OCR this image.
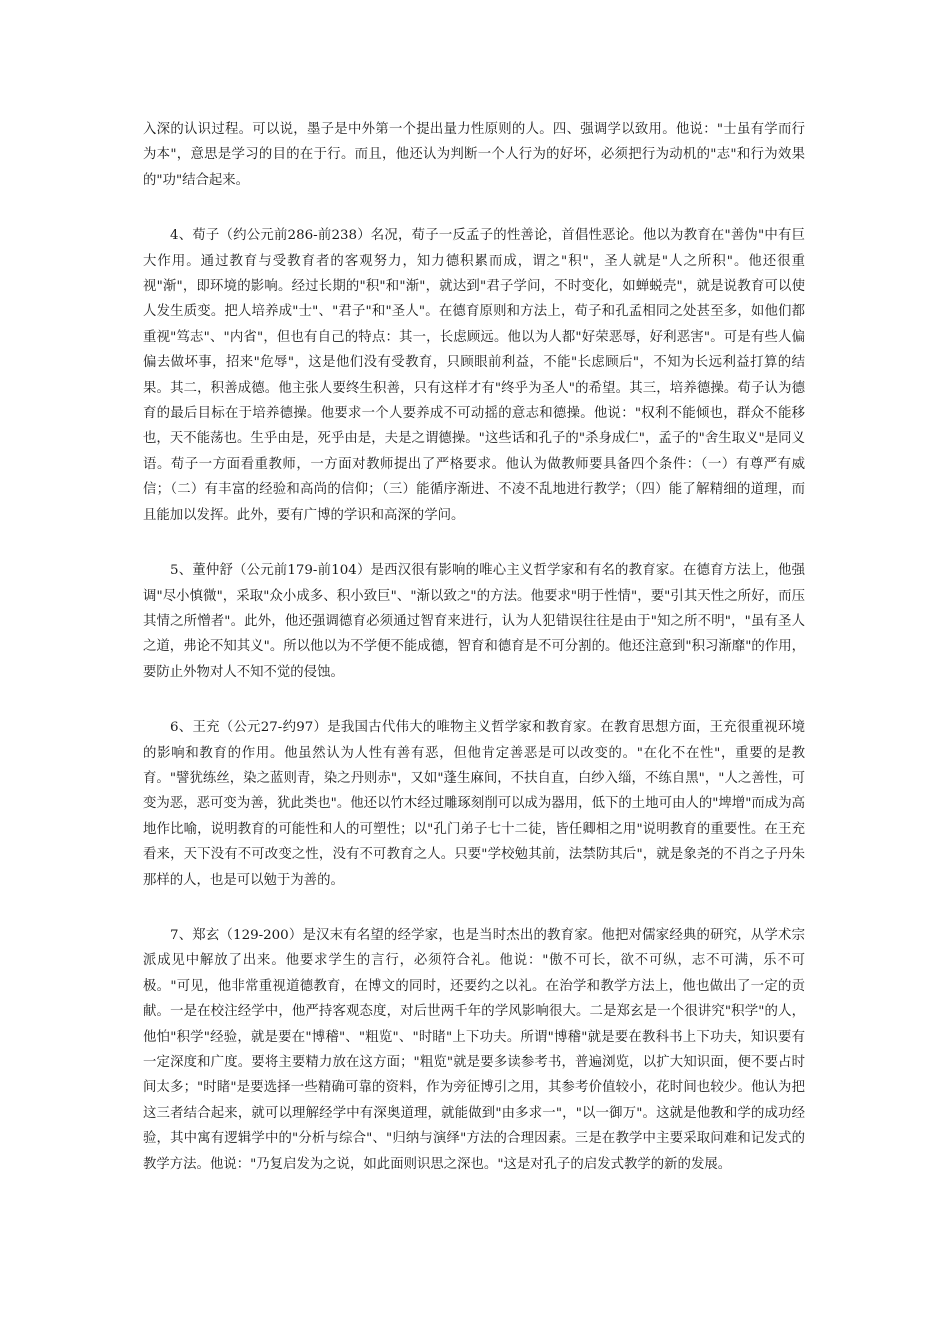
入深的认识过程。可以说，墨子是中外第一个提出量力性原则的人。四、强调学以致用。他说："士虽有学而行为本"，意思是学习的目的在于行。而且，他还认为判断一个人行为的好坏，必须把行为动机的"志"和行为效果的"功"结合起来。

4、荀子（约公元前286-前238）名况，荀子一反孟子的性善论，首倡性恶论。他以为教育在"善伪"中有巨大作用。通过教育与受教育者的客观努力，知力德积累而成，谓之"积"，圣人就是"人之所积"。他还很重视"渐"，即环境的影响。经过长期的"积"和"渐"，就达到"君子学问，不时变化，如蝉蜕壳"，就是说教育可以使人发生质变。把人培养成"士"、"君子"和"圣人"。在德育原则和方法上，荀子和孔孟相同之处甚至多，如他们都重视"笃志"、"内省"，但也有自己的特点：其一，长虑顾远。他以为人都"好荣恶辱，好利恶害"。可是有些人偏偏去做坏事，招来"危辱"，这是他们没有受教育，只顾眼前利益，不能"长虑顾后"，不知为长远利益打算的结果。其二，积善成德。他主张人要终生积善，只有这样才有"终乎为圣人"的希望。其三，培养德操。荀子认为德育的最后目标在于培养德操。他要求一个人要养成不可动摇的意志和德操。他说："权利不能倾也，群众不能移也，天不能荡也。生乎由是，死乎由是，夫是之谓德操。"这些话和孔子的"杀身成仁"，孟子的"舍生取义"是同义语。荀子一方面看重教师，一方面对教师提出了严格要求。他认为做教师要具备四个条件：（一）有尊严有威信；（二）有丰富的经验和高尚的信仰；（三）能循序渐进、不凌不乱地进行教学；（四）能了解精细的道理，而且能加以发挥。此外，要有广博的学识和高深的学问。

5、董仲舒（公元前179-前104）是西汉很有影响的唯心主义哲学家和有名的教育家。在德育方法上，他强调"尽小慎微"，采取"众小成多、积小致巨"、"渐以致之"的方法。他要求"明于性情"，要"引其天性之所好，而压其情之所憎者"。此外，他还强调德育必须通过智育来进行，认为人犯错误往往是由于"知之所不明"，"虽有圣人之道，弗论不知其义"。所以他以为不学便不能成德，智育和德育是不可分割的。他还注意到"积习渐靡"的作用，要防止外物对人不知不觉的侵蚀。

6、王充（公元27-约97）是我国古代伟大的唯物主义哲学家和教育家。在教育思想方面，王充很重视环境的影响和教育的作用。他虽然认为人性有善有恶，但他肯定善恶是可以改变的。"在化不在性"，重要的是教育。"譬犹练丝，染之蓝则青，染之丹则赤"，又如"蓬生麻间，不扶自直，白纱入缁，不练自黑"，"人之善性，可变为恶，恶可变为善，犹此类也"。他还以竹木经过雕琢刻削可以成为器用，低下的土地可由人的"埤增"而成为高地作比喻，说明教育的可能性和人的可塑性；以"孔门弟子七十二徒，皆任卿相之用"说明教育的重要性。在王充看来，天下没有不可改变之性，没有不可教育之人。只要"学校勉其前，法禁防其后"，就是象尧的不肖之子丹朱那样的人，也是可以勉于为善的。

7、郑玄（129-200）是汉末有名望的经学家，也是当时杰出的教育家。他把对儒家经典的研究，从学术宗派成见中解放了出来。他要求学生的言行，必须符合礼。他说："傲不可长，欲不可纵，志不可满，乐不可极。"可见，他非常重视道德教育，在博文的同时，还要约之以礼。在治学和教学方法上，他也做出了一定的贡献。一是在校注经学中，他严持客观态度，对后世两千年的学风影响很大。二是郑玄是一个很讲究"积学"的人，他怕"积学"经验，就是要在"博稽"、"粗览"、"时睹"上下功夫。所谓"博稽"就是要在教科书上下功夫，知识要有一定深度和广度。要将主要精力放在这方面；"粗览"就是要多读参考书，普遍浏览，以扩大知识面，便不要占时间太多；"时睹"是要选择一些精确可靠的资料，作为旁征博引之用，其参考价值较小，花时间也较少。他认为把这三者结合起来，就可以理解经学中有深奥道理，就能做到"由多求一"，"以一御万"。这就是他教和学的成功经验，其中寓有逻辑学中的"分析与综合"、"归纳与演绎"方法的合理因素。三是在教学中主要采取问难和记发式的教学方法。他说："乃复启发为之说，如此面则识思之深也。"这是对孔子的启发式教学的新的发展。
